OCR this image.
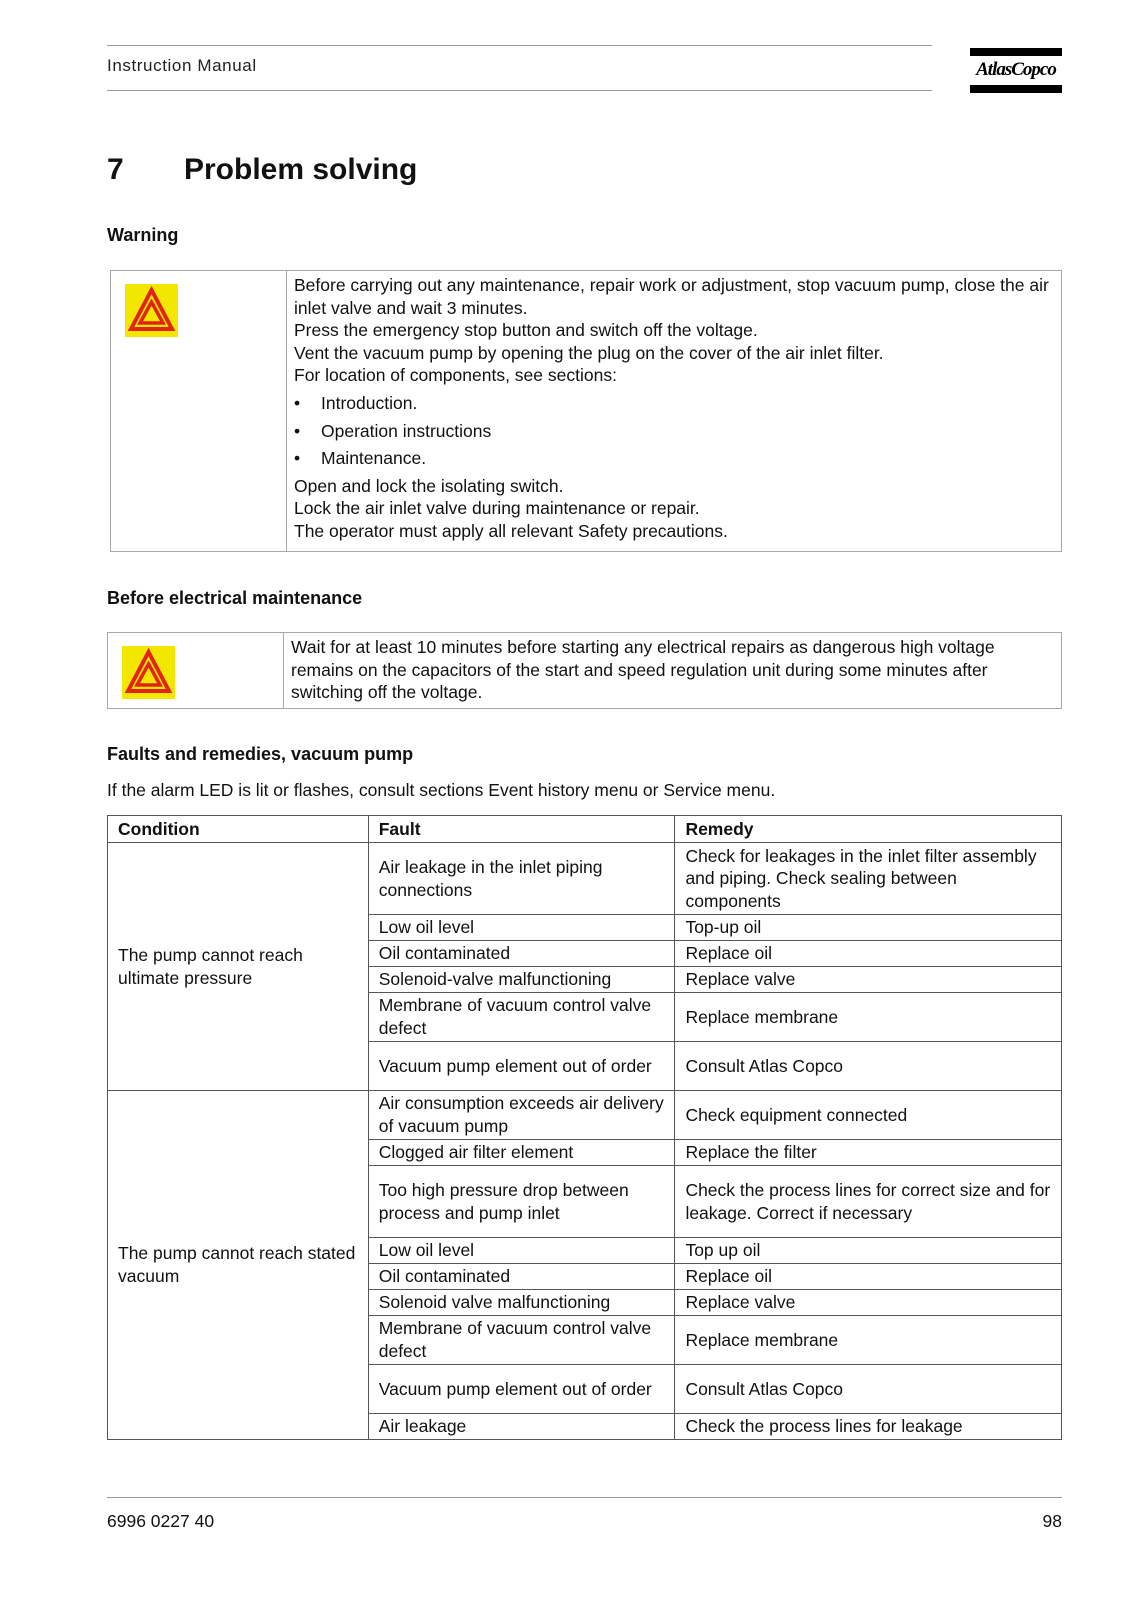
Instruction Manual	AtlasCopco
7 Problem solving
Warning
Before carrying out any maintenance, repair work or adjustment, stop vacuum pump, close the air inlet valve and wait 3 minutes.
Press the emergency stop button and switch off the voltage.
Vent the vacuum pump by opening the plug on the cover of the air inlet filter.
For location of components, see sections:
•	Introduction.
•	Operation instructions
•	Maintenance.
Open and lock the isolating switch.
Lock the air inlet valve during maintenance or repair.
The operator must apply all relevant Safety precautions.
Before electrical maintenance
Wait for at least 10 minutes before starting any electrical repairs as dangerous high voltage remains on the capacitors of the start and speed regulation unit during some minutes after switching off the voltage.
Faults and remedies, vacuum pump
If the alarm LED is lit or flashes, consult sections Event history menu or Service menu.
Condition	Fault	Remedy
The pump cannot reach ultimate pressure	Air leakage in the inlet piping connections	Check for leakages in the inlet filter assembly and piping. Check sealing between components
	Low oil level	Top-up oil
	Oil contaminated	Replace oil
	Solenoid-valve malfunctioning	Replace valve
	Membrane of vacuum control valve defect	Replace membrane
	Vacuum pump element out of order	Consult Atlas Copco
The pump cannot reach stated vacuum	Air consumption exceeds air delivery of vacuum pump	Check equipment connected
	Clogged air filter element	Replace the filter
	Too high pressure drop between process and pump inlet	Check the process lines for correct size and for leakage. Correct if necessary
	Low oil level	Top up oil
	Oil contaminated	Replace oil
	Solenoid valve malfunctioning	Replace valve
	Membrane of vacuum control valve defect	Replace membrane
	Vacuum pump element out of order	Consult Atlas Copco
	Air leakage	Check the process lines for leakage
6996 0227 40	98
